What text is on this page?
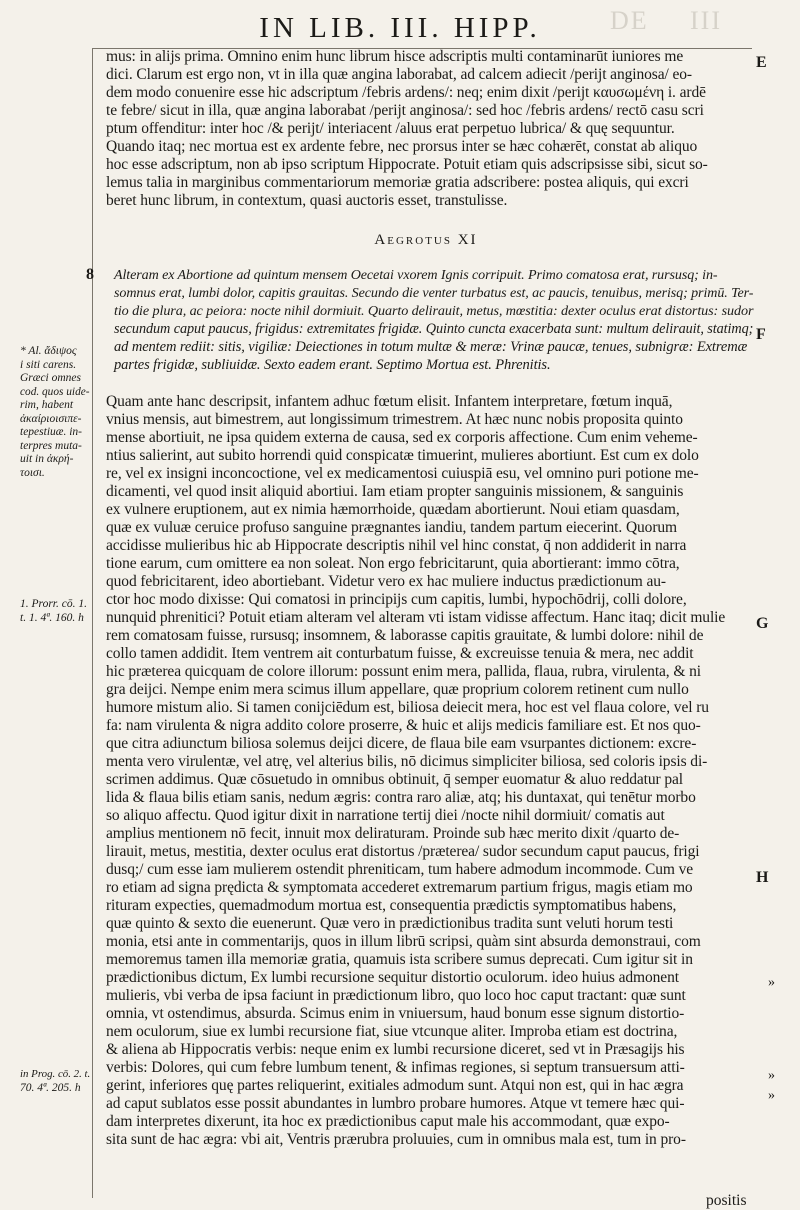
DE III
IN LIB. III. HIPP.
mus: in alijs prima. Omnino enim hunc librum hisce adscriptis multi contaminarūt iuniores me
dici. Clarum est ergo non, vt in illa quæ angina laborabat, ad calcem adiecit /perijt anginosa/ eo-
dem modo conuenire esse hic adscriptum /febris ardens/: neq; enim dixit /perijt καυσωμένη i. ardē
te febre/ sicut in illa, quæ angina laborabat /perijt anginosa/: sed hoc /febris ardens/ rectō casu scri
ptum offenditur: inter hoc /& perijt/ interiacent /aluus erat perpetuo lubrica/ & quę sequuntur.
Quando itaq; nec mortua est ex ardente febre, nec prorsus inter se hæc cohærēt, constat ab aliquo
hoc esse adscriptum, non ab ipso scriptum Hippocrate. Potuit etiam quis adscripsisse sibi, sicut so-
lemus talia in marginibus commentariorum memoriæ gratia adscribere: postea aliquis, qui excri
beret hunc librum, in contextum, quasi auctoris esset, transtulisse.
Aegrotus XI
Alteram ex Abortione ad quintum mensem Oecetai vxorem Ignis corripuit. Primo comatosa erat, rursusq; in-
somnus erat, lumbi dolor, capitis grauitas. Secundo die venter turbatus est, ac paucis, tenuibus, merisq; primū. Ter-
tio die plura, ac peiora: nocte nihil dormiuit. Quarto delirauit, metus, mœstitia: dexter oculus erat distortus: sudor
secundum caput paucus, frigidus: extremitates frigidæ. Quinto cuncta exacerbata sunt: multum delirauit, statimq;
ad mentem rediit: sitis, vigiliæ: Deiectiones in totum multæ & meræ: Vrinæ paucæ, tenues, subnigræ: Extremæ
partes frigidæ, subliuidæ. Sexto eadem erant. Septimo Mortua est. Phrenitis.
Quam ante hanc descripsit, infantem adhuc fœtum elisit. Infantem interpretare, fœtum inquā,
vnius mensis, aut bimestrem, aut longissimum trimestrem. At hæc nunc nobis proposita quinto
mense abortiuit, ne ipsa quidem externa de causa, sed ex corporis affectione. Cum enim veheme-
ntius salierint, aut subito horrendi quid conspicatæ timuerint, mulieres abortiunt. Est cum ex dolo
re, vel ex insigni inconcoctione, vel ex medicamentosi cuiuspiā esu, vel omnino puri potione me-
dicamenti, vel quod insit aliquid abortiui. Iam etiam propter sanguinis missionem, & sanguinis
ex vulnere eruptionem, aut ex nimia hæmorrhoide, quædam abortierunt. Noui etiam quasdam,
quæ ex vuluæ ceruice profuso sanguine prægnantes iandiu, tandem partum eiecerint. Quorum
accidisse mulieribus hic ab Hippocrate descriptis nihil vel hinc constat, q̄ non addiderit in narra
tione earum, cum omittere ea non soleat. Non ergo febricitarunt, quia abortierant: immo cōtra,
quod febricitarent, ideo abortiebant. Videtur vero ex hac muliere inductus prædictionum au-
ctor hoc modo dixisse: Qui comatosi in principijs cum capitis, lumbi, hypochōdrij, colli dolore,
nunquid phrenitici? Potuit etiam alteram vel alteram vti istam vidisse affectum. Hanc itaq; dicit mulie
rem comatosam fuisse, rursusq; insomnem, & laborasse capitis grauitate, & lumbi dolore: nihil de
collo tamen addidit. Item ventrem ait conturbatum fuisse, & excreuisse tenuia & mera, nec addit
hic præterea quicquam de colore illorum: possunt enim mera, pallida, flaua, rubra, virulenta, & ni
gra deijci. Nempe enim mera scimus illum appellare, quæ proprium colorem retinent cum nullo
humore mistum alio. Si tamen conijciēdum est, biliosa deiecit mera, hoc est vel flaua colore, vel ru
fa: nam virulenta & nigra addito colore proserre, & huic et alijs medicis familiare est. Et nos quo-
que citra adiunctum biliosa solemus deijci dicere, de flaua bile eam vsurpantes dictionem: excre-
menta vero virulentæ, vel atrę, vel alterius bilis, nō dicimus simpliciter biliosa, sed coloris ipsis di-
scrimen addimus. Quæ cōsuetudo in omnibus obtinuit, q̄ semper euomatur & aluo reddatur pal
lida & flaua bilis etiam sanis, nedum ægris: contra raro aliæ, atq; his duntaxat, qui tenētur morbo
so aliquo affectu. Quod igitur dixit in narratione tertij diei /nocte nihil dormiuit/ comatis aut
amplius mentionem nō fecit, innuit mox deliraturam. Proinde sub hæc merito dixit /quarto de-
lirauit, metus, mestitia, dexter oculus erat distortus /præterea/ sudor secundum caput paucus, frigi
dusq;/ cum esse iam mulierem ostendit phreniticam, tum habere admodum incommode. Cum ve
ro etiam ad signa prędicta & symptomata accederet extremarum partium frigus, magis etiam mo
rituram expecties, quemadmodum mortua est, consequentia prædictis symptomatibus habens,
quæ quinto & sexto die euenerunt. Quæ vero in prædictionibus tradita sunt veluti horum testi
monia, etsi ante in commentarijs, quos in illum librū scripsi, quàm sint absurda demonstraui, com
memoremus tamen illa memoriæ gratia, quamuis ista scribere sumus deprecati. Cum igitur sit in
prædictionibus dictum, Ex lumbi recursione sequitur distortio oculorum. ideo huius admonent
mulieris, vbi verba de ipsa faciunt in prædictionum libro, quo loco hoc caput tractant: quæ sunt
omnia, vt ostendimus, absurda. Scimus enim in vniuersum, haud bonum esse signum distortio-
nem oculorum, siue ex lumbi recursione fiat, siue vtcunque aliter. Improba etiam est doctrina,
& aliena ab Hippocratis verbis: neque enim ex lumbi recursione diceret, sed vt in Præsagijs his
verbis: Dolores, qui cum febre lumbum tenent, & infimas regiones, si septum transuersum atti-
gerint, inferiores quę partes reliquerint, exitiales admodum sunt. Atqui non est, qui in hac ægra
ad caput sublatos esse possit abundantes in lumbro probare humores. Atque vt temere hæc qui-
dam interpretes dixerunt, ita hoc ex prædictionibus caput male his accommodant, quæ expo-
sita sunt de hac ægra: vbi ait, Ventris prærubra proluuies, cum in omnibus mala est, tum in pro-
positis
8
* Al. ἄδιψος
i siti carens.
Græci omnes
cod. quos uide-
rim, habent
ἀκαίριοισιπε-
tepestiuæ. in-
terpres muta-
uit in ἀκρή-
τοισι.
1. Prorr. cō. 1.
t. 1. 4ª. 160. h
in Prog. cō. 2. t.
70. 4ª. 205. h
E
F
G
H
»
»
»
